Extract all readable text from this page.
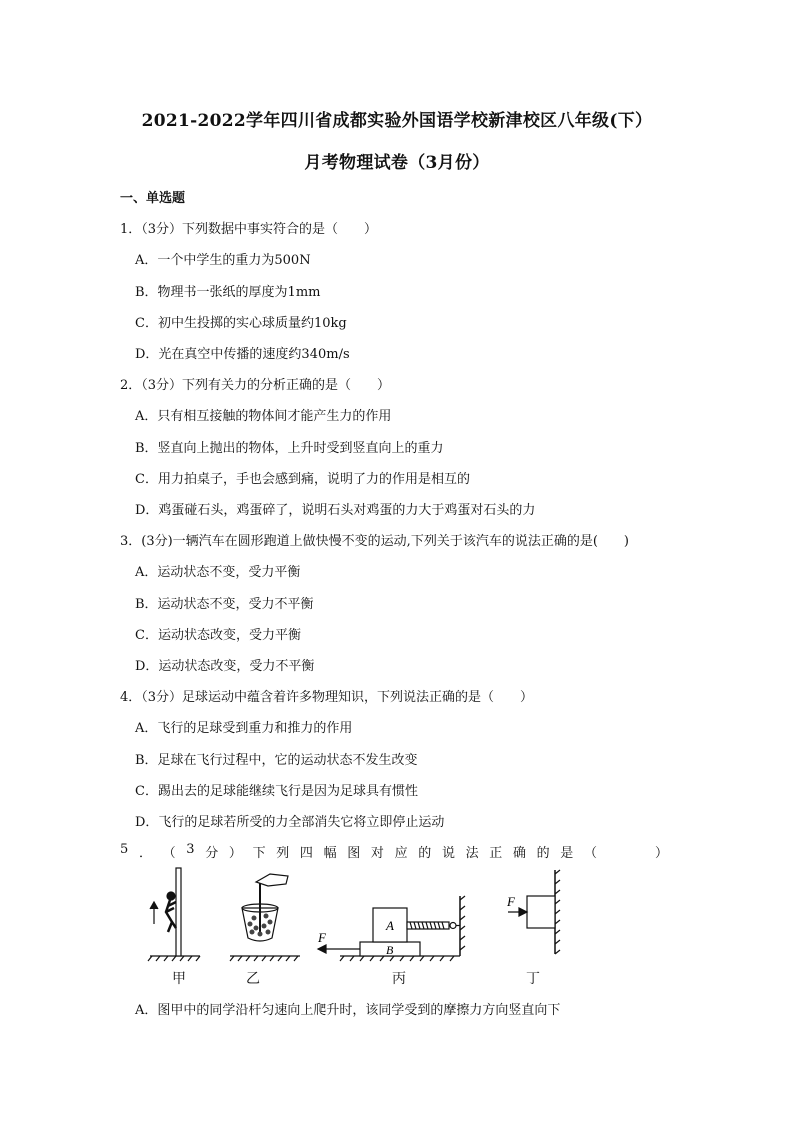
2021-2022学年四川省成都实验外国语学校新津校区八年级(下）
月考物理试卷（3月份）
一、单选题
1．（3分）下列数据中事实符合的是（　　）
A．一个中学生的重力为500N
B．物理书一张纸的厚度为1mm
C．初中生投掷的实心球质量约10kg
D．光在真空中传播的速度约340m/s
2．（3分）下列有关力的分析正确的是（　　）
A．只有相互接触的物体间才能产生力的作用
B．竖直向上抛出的物体，上升时受到竖直向上的重力
C．用力拍桌子，手也会感到痛，说明了力的作用是相互的
D．鸡蛋碰石头，鸡蛋碎了，说明石头对鸡蛋的力大于鸡蛋对石头的力
3．(3分)一辆汽车在圆形跑道上做快慢不变的运动,下列关于该汽车的说法正确的是(　　)
A．运动状态不变，受力平衡
B．运动状态不变，受力不平衡
C．运动状态改变，受力平衡
D．运动状态改变，受力不平衡
4．（3分）足球运动中蕴含着许多物理知识，下列说法正确的是（　　）
A．飞行的足球受到重力和推力的作用
B．足球在飞行过程中，它的运动状态不发生改变
C．踢出去的足球能继续飞行是因为足球具有惯性
D．飞行的足球若所受的力全部消失它将立即停止运动
5 ． （ 3 分 ） 下 列 四 幅 图 对 应 的 说 法 正 确 的 是 （

　	）
F
A
B
F
甲	乙	丙	丁
A．图甲中的同学沿杆匀速向上爬升时，该同学受到的摩擦力方向竖直向下
